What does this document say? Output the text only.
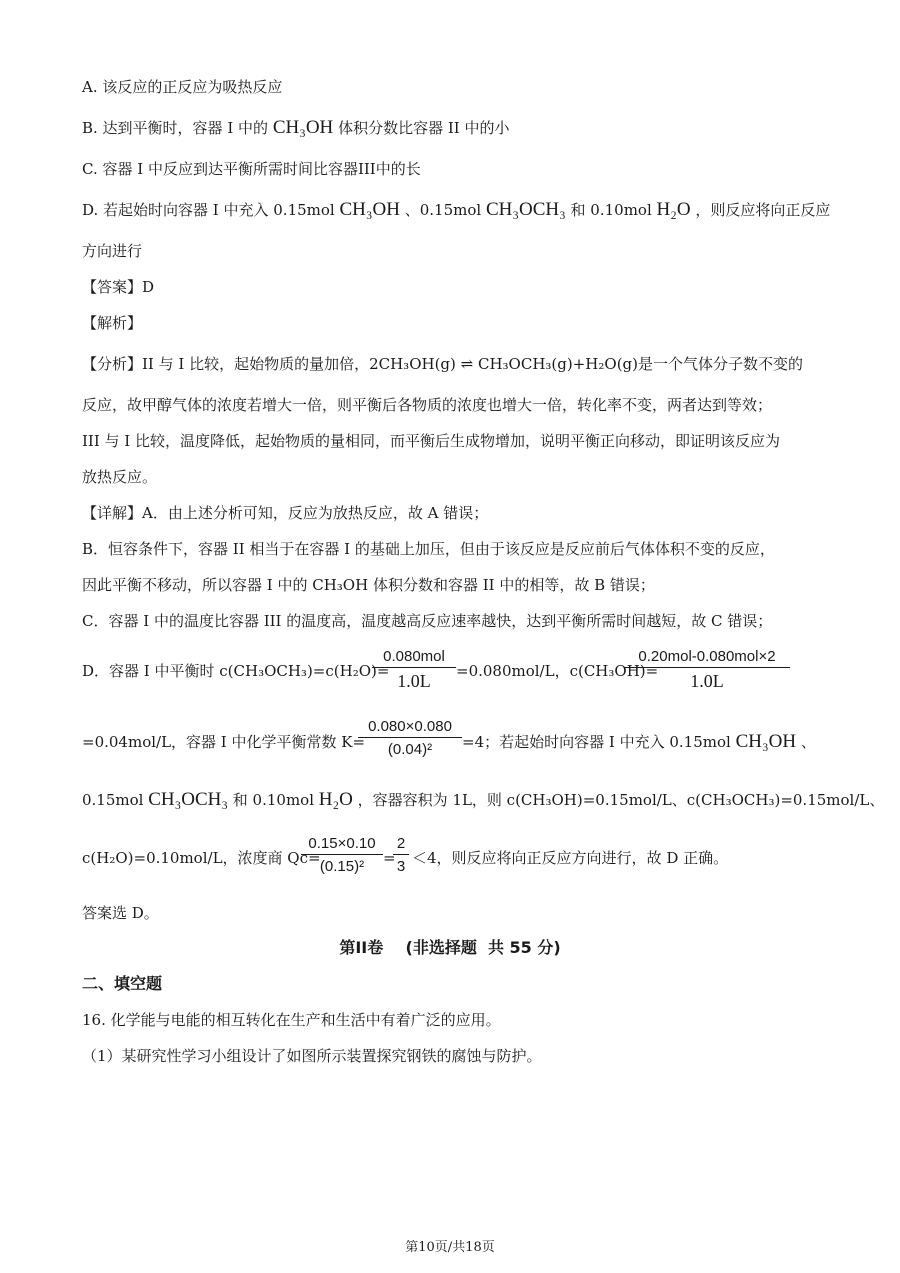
A. 该反应的正反应为吸热反应
B. 达到平衡时，容器 I 中的 CH₃OH 体积分数比容器 II 中的小
C. 容器 I 中反应到达平衡所需时间比容器III中的长
D. 若起始时向容器 I 中充入 0.15mol CH₃OH 、0.15mol CH₃OCH₃ 和 0.10mol H₂O ，则反应将向正反应
方向进行
【答案】D
【解析】
【分析】II 与 I 比较，起始物质的量加倍，2CH₃OH(g) ⇌ CH₃OCH₃(g)+H₂O(g)是一个气体分子数不变的
反应，故甲醇气体的浓度若增大一倍，则平衡后各物质的浓度也增大一倍，转化率不变，两者达到等效；
III 与 I 比较，温度降低，起始物质的量相同，而平衡后生成物增加，说明平衡正向移动，即证明该反应为
放热反应。
【详解】A．由上述分析可知，反应为放热反应，故 A 错误；
B．恒容条件下，容器 II 相当于在容器 I 的基础上加压，但由于该反应是反应前后气体体积不变的反应，
因此平衡不移动，所以容器 I 中的 CH₃OH 体积分数和容器 II 中的相等，故 B 错误；
C．容器 I 中的温度比容器 III 的温度高，温度越高反应速率越快，达到平衡所需时间越短，故 C 错误；
D．容器 I 中平衡时 c(CH₃OCH₃)=c(H₂O)=
0.080mol
1.0L	=0.080mol/L，c(CH₃OH)=
0.20mol-0.080mol×2
1.0L
=0.04mol/L，容器 I 中化学平衡常数 K=
$\frac{0.080\times 0.080}{\text{(0.04)²}} =4$；若起始时向容器 I 中充入 0.15mol CH₃OH 、
0.15mol CH₃OCH₃ 和 0.10mol H₂O ，容器容积为 1L，则 c(CH₃OH)=0.15mol/L、c(CH₃OCH₃)=0.15mol/L、
c(H₂O)=0.10mol/L，浓度商 Qc=
$\frac{0.15\times 0.10}{\text{(0.15)²}}$ =
$\frac{2}{3} <4$，则反应将向正反应方向进行，故 D 正确。
答案选 D。
第II卷    (非选择题  共 55 分)
二、填空题
16. 化学能与电能的相互转化在生产和生活中有着广泛的应用。
（1）某研究性学习小组设计了如图所示装置探究钢铁的腐蚀与防护。
第10页/共18页
